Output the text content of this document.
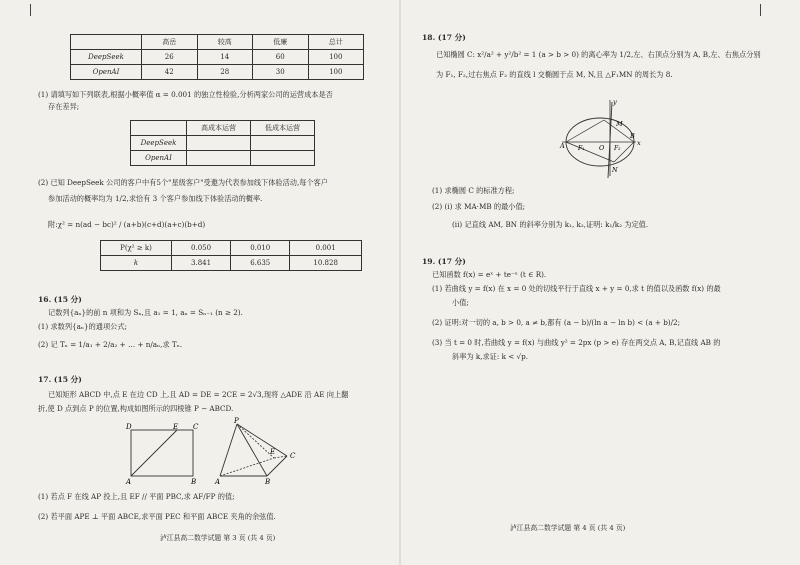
	高岳	较高	低廉	总计
DeepSeek	26	14	60	100
OpenAI	42	28	30	100
(1) 请填写如下列联表,根据小概率值 α = 0.001 的独立性检验,分析两家公司的运营成本是否
存在差异;
	高成本运营	低成本运营
DeepSeek		
OpenAI		
(2) 已知 DeepSeek 公司的客户中有5个"星级客户"受邀为代表参加线下体验活动,每个客户
参加活动的概率均为 1/2,求恰有 3 个客户参加线下体验活动的概率.
附:χ² = n(ad − bc)² / (a+b)(c+d)(a+c)(b+d)
P(χ² ≥ k)	0.050	0.010	0.001
k	3.841	6.635	10.828
16. (15 分)
记数列{aₙ}的前 n 项和为 Sₙ,且 a₁ = 1, aₙ = Sₙ₋₁ (n ≥ 2).
(1) 求数列{aₙ}的通项公式;
(2) 记 Tₙ = 1/a₁ + 2/a₂ + … + n/aₙ,求 Tₙ.
17. (15 分)
已知矩形 ABCD 中,点 E 在边 CD 上,且 AD = DE = 2CE = 2√3,现将 △ADE 沿 AE 向上翻
折,使 D 点到点 P 的位置,构成如图所示的四棱锥 P − ABCD.
D	E C
A	B
P
E C
A	B
(1) 若点 F 在线 AP 投上,且 EF // 平面 PBC,求 AF/FP 的值;
(2) 若平面 APE ⊥ 平面 ABCE,求平面 PEC 和平面 ABCE 夹角的余弦值.
泸江县高二数学试题 第 3 页 (共 4 页)
18. (17 分)
已知椭圆 C: x²/a² + y²/b² = 1 (a > b > 0) 的离心率为 1/2,左、右顶点分别为 A, B,左、右焦点分别
为 F₁, F₂,过右焦点 F₂ 的直线 l 交椭圆于点 M, N,且 △F₁MN 的周长为 8.
y
x
M
N
A
B
O
F₁	F₂
(1) 求椭圆 C 的标准方程;
(2) (i) 求 MA·MB 的最小值;
(ii) 记直线 AM, BN 的斜率分别为 k₁, k₂,证明: k₁/k₂ 为定值.
19. (17 分)
已知函数 f(x) = eˣ + te⁻ˣ (t ∈ R).
(1) 若曲线 y = f(x) 在 x = 0 处的切线平行于直线 x + y = 0,求 t 的值以及函数 f(x) 的最
小值;
(2) 证明:对一切的 a, b > 0, a ≠ b,都有 (a − b)/(ln a − ln b) < (a + b)/2;
(3) 当 t = 0 时,若曲线 y = f(x) 与曲线 y² = 2px (p > e) 存在两交点 A, B,记直线 AB 的
斜率为 k,求证: k < √p.
泸江县高二数学试题 第 4 页 (共 4 页)
